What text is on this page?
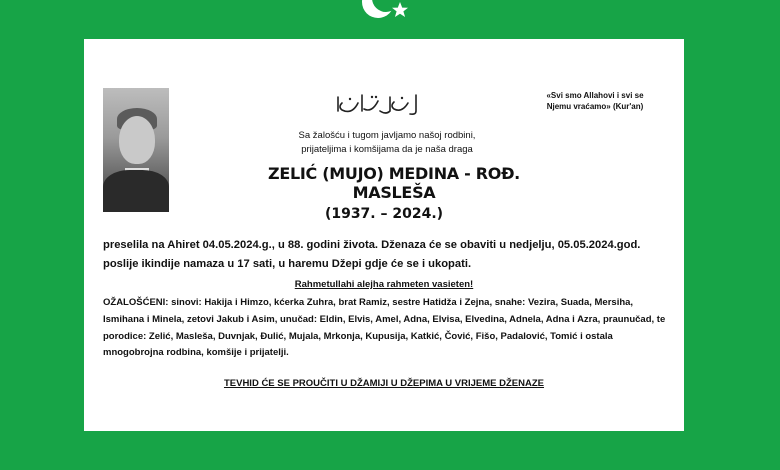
«Svi smo Allahovi i svi se
Njemu vraćamo» (Kur'an)
Sa žalošću i tugom javljamo našoj rodbini,
prijateljima i komšijama da je naša draga
ZELIĆ (MUJO) MEDINA - ROĐ. MASLEŠA
(1937. – 2024.)
preselila na Ahiret 04.05.2024.g., u 88. godini života. Dženaza će se obaviti u nedjelju, 05.05.2024.god.
poslije ikindije namaza u 17 sati, u haremu Džepi gdje će se i ukopati.
Rahmetullahi alejha rahmeten vasieten!
OŽALOŠĆENI: sinovi: Hakija i Himzo, kćerka Zuhra, brat Ramiz, sestre Hatidža i Zejna, snahe: Vezira, Suada, Mersiha, Ismihana i Minela, zetovi Jakub i Asim, unučad: Eldin, Elvis, Amel, Adna, Elvisa, Elvedina, Adnela, Adna i Azra, praunučad, te porodice: Zelić, Masleša, Duvnjak, Đulić, Mujala, Mrkonja, Kupusija, Katkić, Čović, Fišo, Padalović, Tomić i ostala mnogobrojna rodbina, komšije i prijatelji.
TEVHID ĆE SE PROUČITI U DŽAMIJI U DŽEPIMA U VRIJEME DŽENAZE
